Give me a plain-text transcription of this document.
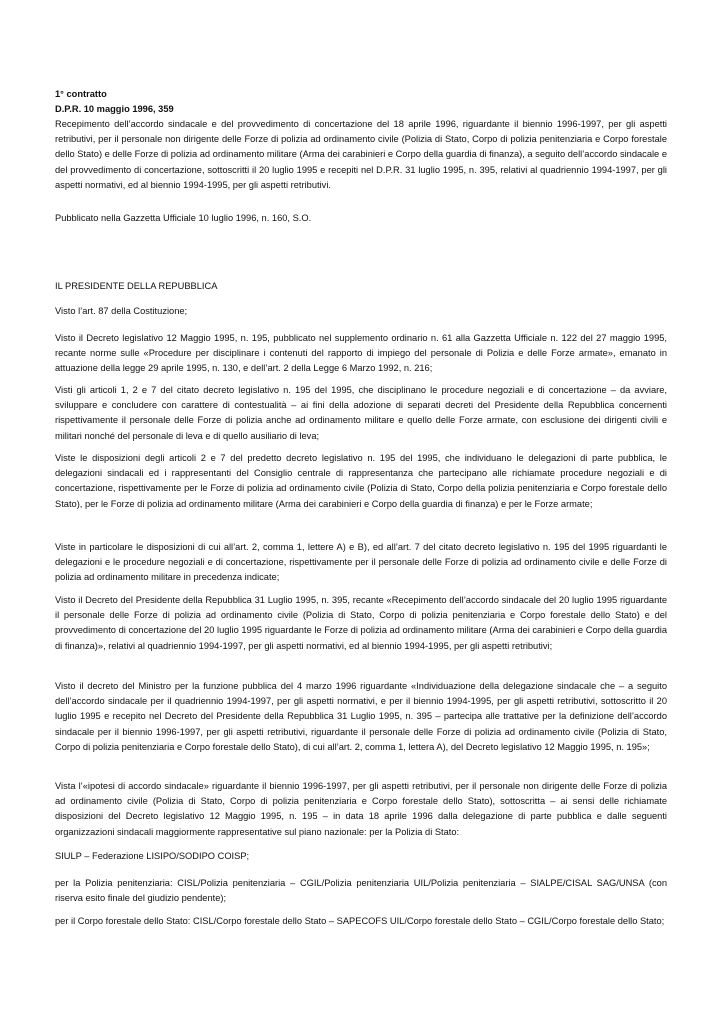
1° contratto
D.P.R. 10 maggio 1996, 359

Recepimento dell’accordo sindacale e del provvedimento di concertazione del 18 aprile 1996, riguardante il biennio 1996-1997, per gli aspetti retributivi, per il personale non dirigente delle Forze di polizia ad ordinamento civile (Polizia di Stato, Corpo di polizia penitenziaria e Corpo forestale dello Stato) e delle Forze di polizia ad ordinamento militare (Arma dei carabinieri e Corpo della guardia di finanza), a seguito dell’accordo sindacale e del provvedimento di concertazione, sottoscritti il 20 luglio 1995 e recepiti nel D.P.R. 31 luglio 1995, n. 395, relativi al quadriennio 1994-1997, per gli aspetti normativi, ed al biennio 1994-1995, per gli aspetti retributivi.

Pubblicato nella Gazzetta Ufficiale 10 luglio 1996, n. 160, S.O.

IL PRESIDENTE DELLA REPUBBLICA

Visto l’art. 87 della Costituzione;

Visto il Decreto legislativo 12 Maggio 1995, n. 195, pubblicato nel supplemento ordinario n. 61 alla Gazzetta Ufficiale n. 122 del 27 maggio 1995, recante norme sulle «Procedure per disciplinare i contenuti del rapporto di impiego del personale di Polizia e delle Forze armate», emanato in attuazione della legge 29 aprile 1995, n. 130, e dell’art. 2 della Legge 6 Marzo 1992, n. 216;

Visti gli articoli 1, 2 e 7 del citato decreto legislativo n. 195 del 1995, che disciplinano le procedure negoziali e di concertazione – da avviare, sviluppare e concludere con carattere di contestualità – ai fini della adozione di separati decreti del Presidente della Repubblica concernenti rispettivamente il personale delle Forze di polizia anche ad ordinamento militare e quello delle Forze armate, con esclusione dei dirigenti civili e militari nonché del personale di leva e di quello ausiliario di leva;

Viste le disposizioni degli articoli 2 e 7 del predetto decreto legislativo n. 195 del 1995, che individuano le delegazioni di parte pubblica, le delegazioni sindacali ed i rappresentanti del Consiglio centrale di rappresentanza che partecipano alle richiamate procedure negoziali e di concertazione, rispettivamente per le Forze di polizia ad ordinamento civile (Polizia di Stato, Corpo della polizia penitenziaria e Corpo forestale dello Stato), per le Forze di polizia ad ordinamento militare (Arma dei carabinieri e Corpo della guardia di finanza) e per le Forze armate;

Viste in particolare le disposizioni di cui all’art. 2, comma 1, lettere A) e B), ed all’art. 7 del citato decreto legislativo n. 195 del 1995 riguardanti le delegazioni e le procedure negoziali e di concertazione, rispettivamente per il personale delle Forze di polizia ad ordinamento civile e delle Forze di polizia ad ordinamento militare in precedenza indicate;

Visto il Decreto del Presidente della Repubblica 31 Luglio 1995, n. 395, recante «Recepimento dell’accordo sindacale del 20 luglio 1995 riguardante il personale delle Forze di polizia ad ordinamento civile (Polizia di Stato, Corpo di polizia penitenziaria e Corpo forestale dello Stato) e del provvedimento di concertazione del 20 luglio 1995 riguardante le Forze di polizia ad ordinamento militare (Arma dei carabinieri e Corpo della guardia di finanza)», relativi al quadriennio 1994-1997, per gli aspetti normativi, ed al biennio 1994-1995, per gli aspetti retributivi;

Visto il decreto del Ministro per la funzione pubblica del 4 marzo 1996 riguardante «Individuazione della delegazione sindacale che – a seguito dell’accordo sindacale per il quadriennio 1994-1997, per gli aspetti normativi, e per il biennio 1994-1995, per gli aspetti retributivi, sottoscritto il 20 luglio 1995 e recepito nel Decreto del Presidente della Repubblica 31 Luglio 1995, n. 395 – partecipa alle trattative per la definizione dell’accordo sindacale per il biennio 1996-1997, per gli aspetti retributivi, riguardante il personale delle Forze di polizia ad ordinamento civile (Polizia di Stato, Corpo di polizia penitenziaria e Corpo forestale dello Stato), di cui all’art. 2, comma 1, lettera A), del Decreto legislativo 12 Maggio 1995, n. 195»;

Vista l’«ipotesi di accordo sindacale» riguardante il biennio 1996-1997, per gli aspetti retributivi, per il personale non dirigente delle Forze di polizia ad ordinamento civile (Polizia di Stato, Corpo di polizia penitenziaria e Corpo forestale dello Stato), sottoscritta – ai sensi delle richiamate disposizioni del Decreto legislativo 12 Maggio 1995, n. 195 – in data 18 aprile 1996 dalla delegazione di parte pubblica e dalle seguenti organizzazioni sindacali maggiormente rappresentative sul piano nazionale: per la Polizia di Stato:

SIULP – Federazione LISIPO/SODIPO COISP;

per la Polizia penitenziaria: CISL/Polizia penitenziaria – CGIL/Polizia penitenziaria UIL/Polizia penitenziaria – SIALPE/CISAL SAG/UNSA (con riserva esito finale del giudizio pendente);

per il Corpo forestale dello Stato: CISL/Corpo forestale dello Stato – SAPECOFS UIL/Corpo forestale dello Stato – CGIL/Corpo forestale dello Stato;
